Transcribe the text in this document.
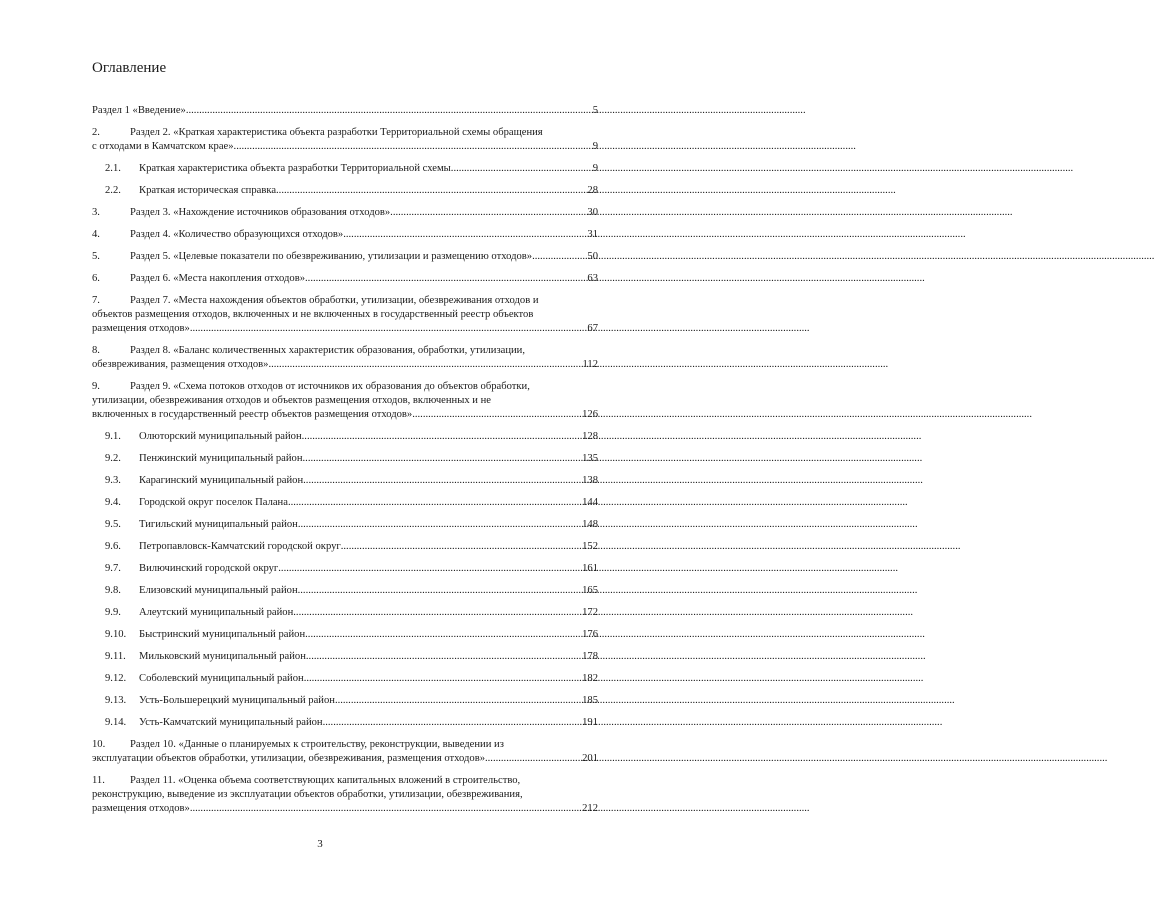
Оглавление
Раздел 1 «Введение» .....	5
2.	Раздел 2. «Краткая характеристика объекта разработки Территориальной схемы обращения
с отходами в Камчатском крае». .....	9
2.1.	Краткая характеристика объекта разработки Территориальной схемы. .....	9
2.2.	Краткая историческая справка .....	28
3.	Раздел 3. «Нахождение источников образования отходов». .....	30
4.	Раздел 4. «Количество образующихся отходов». .....	31
5.	Раздел 5. «Целевые показатели по обезвреживанию, утилизации и размещению отходов». .....	50
6.	Раздел 6. «Места накопления отходов» .....	63
7.	Раздел 7. «Места нахождения объектов обработки, утилизации, обезвреживания отходов и
объектов размещения отходов, включенных и не включенных в государственный реестр объектов
размещения отходов» .....	67
8.	Раздел 8. «Баланс количественных характеристик образования, обработки, утилизации,
обезвреживания, размещения отходов» .....	112
9.	Раздел 9. «Схема потоков отходов от источников их образования до объектов обработки,
утилизации, обезвреживания отходов и объектов размещения отходов, включенных и не
включенных в государственный реестр объектов размещения отходов» .....	126
9.1.	Олюторский муниципальный район .....	128
9.2.	Пенжинский муниципальный район .....	135
9.3.	Карагинский муниципальный район .....	138
9.4.	Городской округ поселок Палана .....	144
9.5.	Тигильский муниципальный район .....	148
9.6.	Петропавловск-Камчатский городской округ .....	152
9.7.	Вилючинский городской округ .....	161
9.8.	Елизовский муниципальный район .....	165
9.9.	Алеутский муниципальный район .....	172
9.10.	Быстринский муниципальный район .....	176
9.11.	Мильковский муниципальный район .....	178
9.12.	Соболевский муниципальный район .....	182
9.13.	Усть-Большерецкий муниципальный район .....	185
9.14.	Усть-Камчатский муниципальный район .....	191
10.	Раздел 10. «Данные о планируемых к строительству, реконструкции, выведении из
эксплуатации объектов обработки, утилизации, обезвреживания, размещения отходов». .....	201
11.	Раздел 11. «Оценка объема соответствующих капитальных вложений в строительство,
реконструкцию, выведение из эксплуатации объектов обработки, утилизации, обезвреживания,
размещения отходов» .....	212
3
